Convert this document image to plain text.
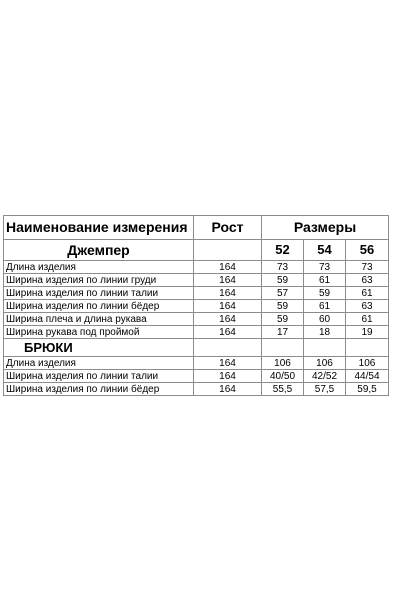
Наименование измерения	Рост	Размеры		
Джемпер		52	54	56
Длина изделия	164	73	73	73
Ширина изделия по линии груди	164	59	61	63
Ширина изделия по линии талии	164	57	59	61
Ширина изделия по линии бёдер	164	59	61	63
Ширина плеча и длина рукава	164	59	60	61
Ширина рукава под проймой	164	17	18	19
БРЮКИ				
Длина изделия	164	106	106	106
Ширина изделия по линии талии	164	40/50	42/52	44/54
Ширина изделия по линии бёдер	164	55,5	57,5	59,5
